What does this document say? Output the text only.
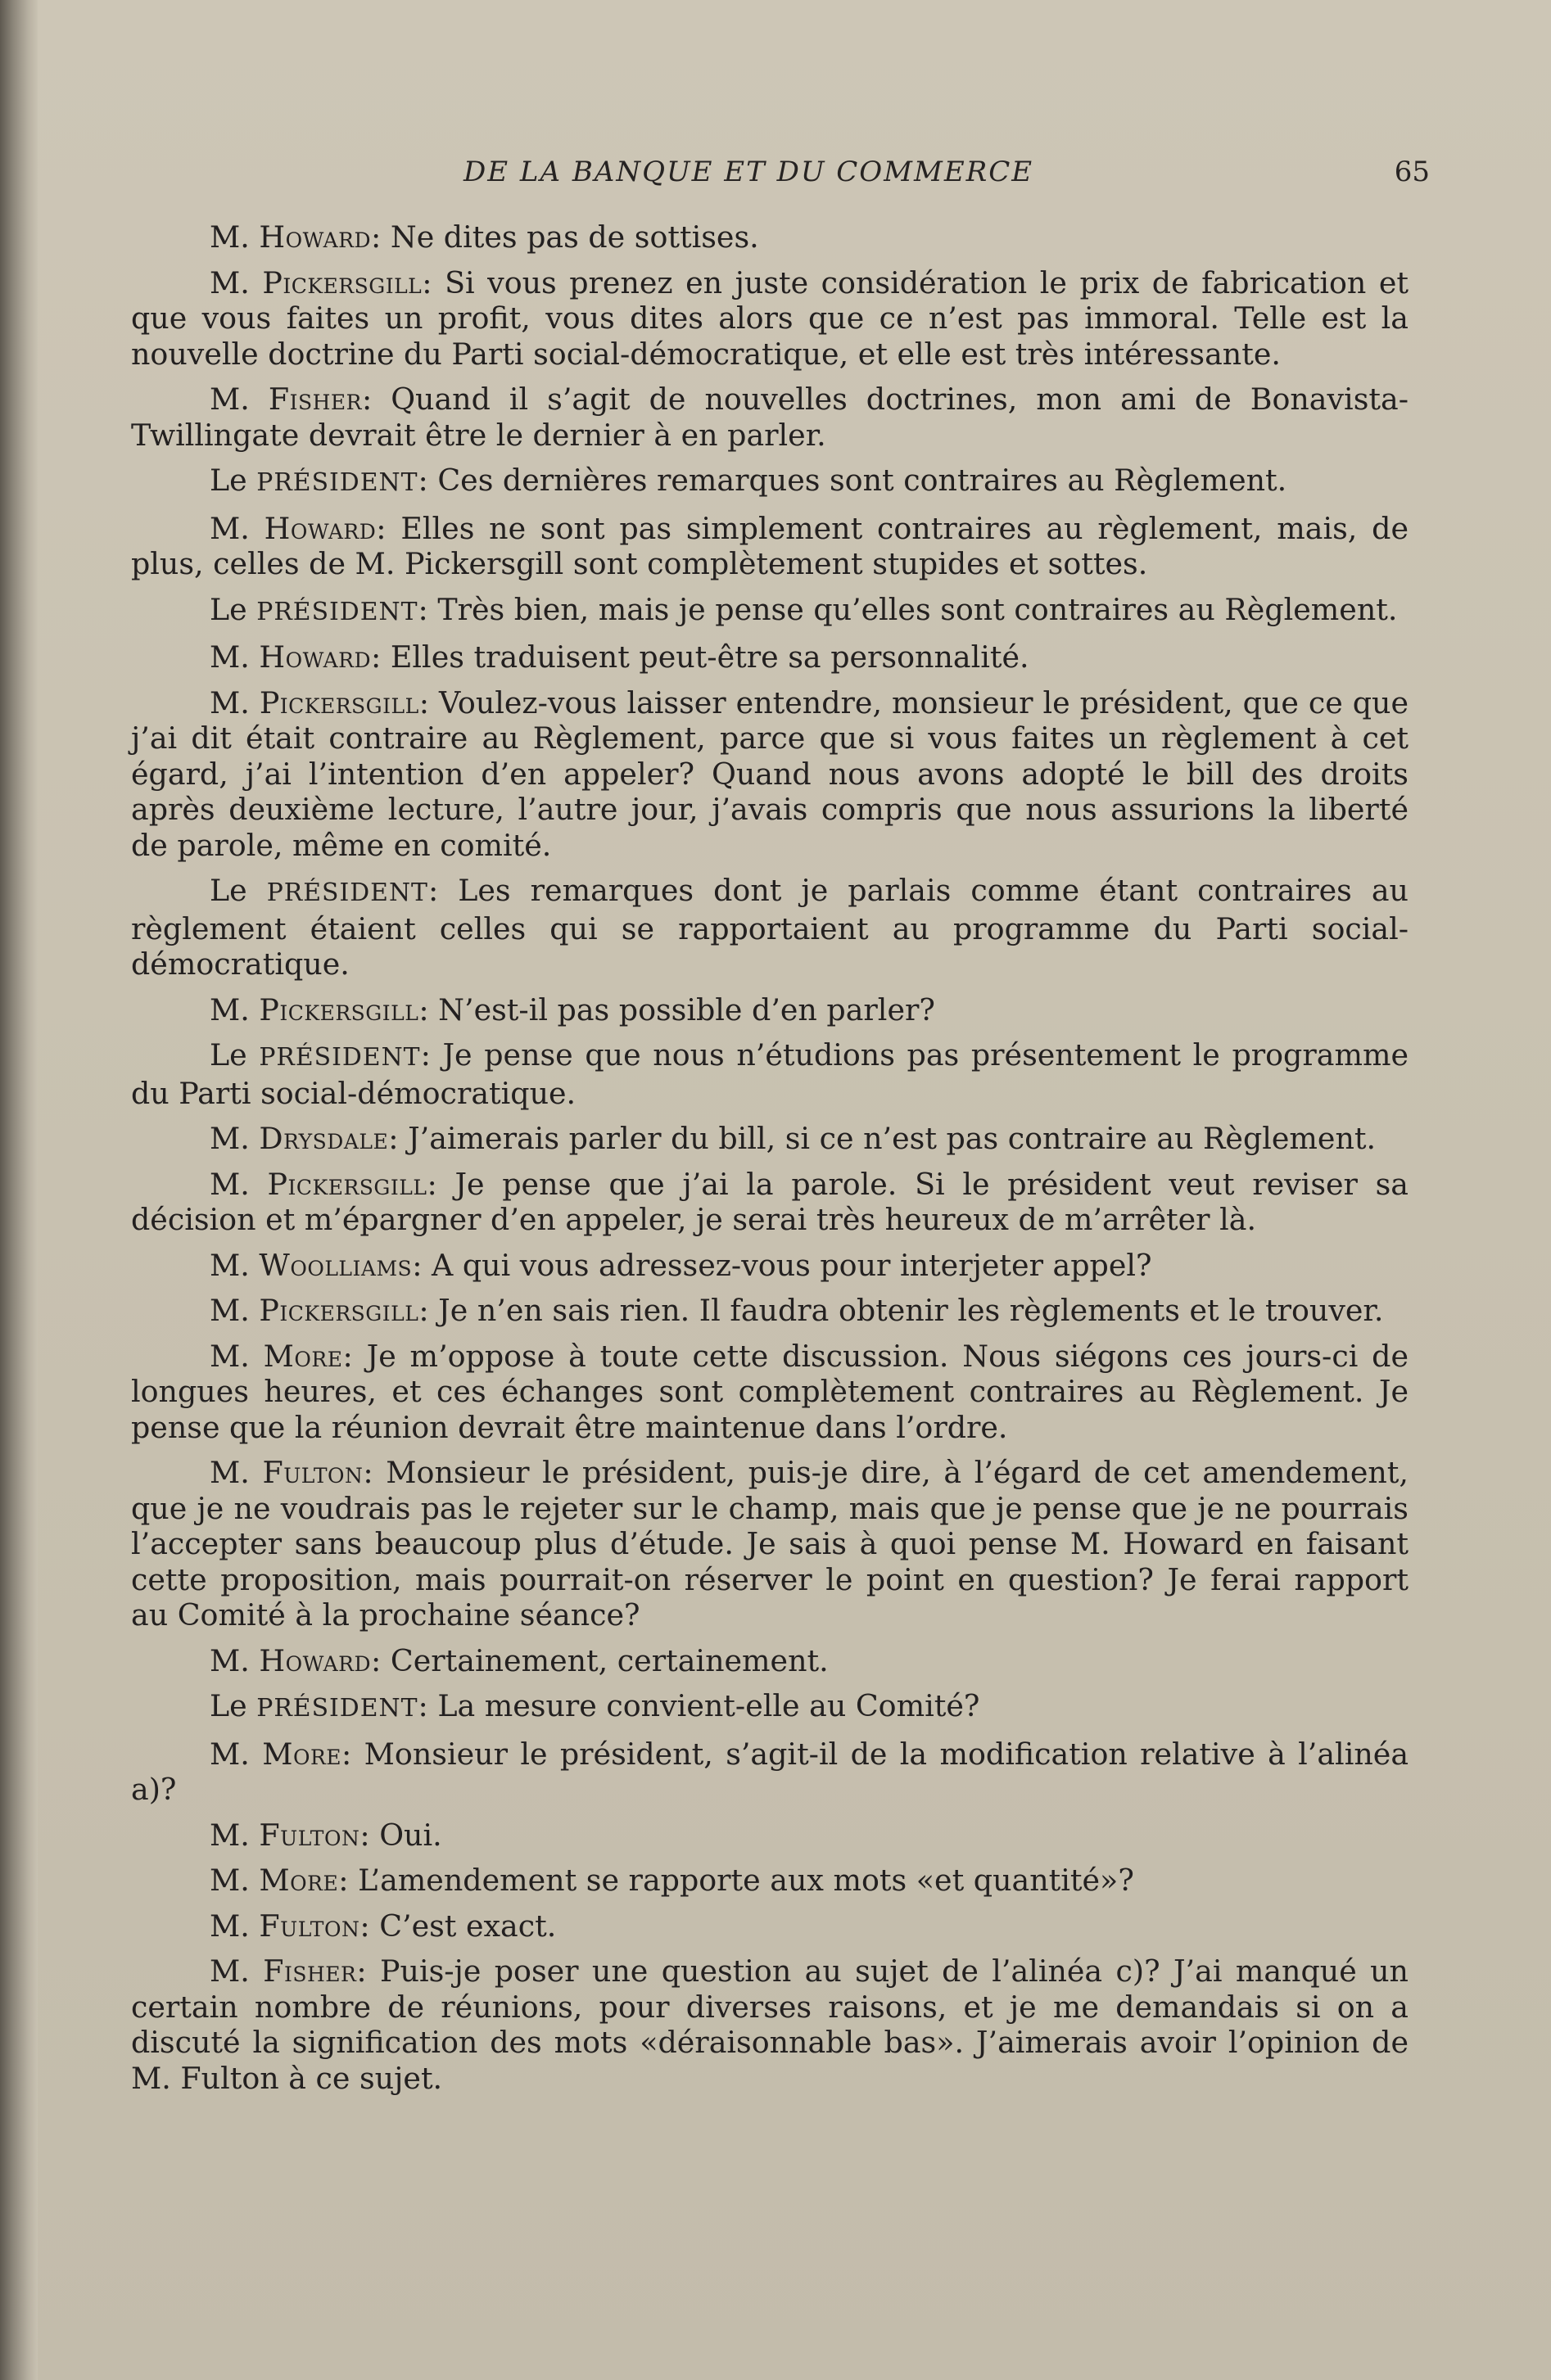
DE LA BANQUE ET DU COMMERCE	65

M. Howard: Ne dites pas de sottises.

M. Pickersgill: Si vous prenez en juste considération le prix de fabrication et que vous faites un profit, vous dites alors que ce n’est pas immoral. Telle est la nouvelle doctrine du Parti social-démocratique, et elle est très intéressante.

M. Fisher: Quand il s’agit de nouvelles doctrines, mon ami de Bonavista-Twillingate devrait être le dernier à en parler.

Le PRÉSIDENT: Ces dernières remarques sont contraires au Règlement.

M. Howard: Elles ne sont pas simplement contraires au règlement, mais, de plus, celles de M. Pickersgill sont complètement stupides et sottes.

Le PRÉSIDENT: Très bien, mais je pense qu’elles sont contraires au Règlement.

M. Howard: Elles traduisent peut-être sa personnalité.

M. Pickersgill: Voulez-vous laisser entendre, monsieur le président, que ce que j’ai dit était contraire au Règlement, parce que si vous faites un règlement à cet égard, j’ai l’intention d’en appeler? Quand nous avons adopté le bill des droits après deuxième lecture, l’autre jour, j’avais compris que nous assurions la liberté de parole, même en comité.

Le PRÉSIDENT: Les remarques dont je parlais comme étant contraires au règlement étaient celles qui se rapportaient au programme du Parti social-démocratique.

M. Pickersgill: N’est-il pas possible d’en parler?

Le PRÉSIDENT: Je pense que nous n’étudions pas présentement le programme du Parti social-démocratique.

M. Drysdale: J’aimerais parler du bill, si ce n’est pas contraire au Règlement.

M. Pickersgill: Je pense que j’ai la parole. Si le président veut reviser sa décision et m’épargner d’en appeler, je serai très heureux de m’arrêter là.

M. Woolliams: A qui vous adressez-vous pour interjeter appel?

M. Pickersgill: Je n’en sais rien. Il faudra obtenir les règlements et le trouver.

M. More: Je m’oppose à toute cette discussion. Nous siégons ces jours-ci de longues heures, et ces échanges sont complètement contraires au Règlement. Je pense que la réunion devrait être maintenue dans l’ordre.

M. Fulton: Monsieur le président, puis-je dire, à l’égard de cet amendement, que je ne voudrais pas le rejeter sur le champ, mais que je pense que je ne pourrais l’accepter sans beaucoup plus d’étude. Je sais à quoi pense M. Howard en faisant cette proposition, mais pourrait-on réserver le point en question? Je ferai rapport au Comité à la prochaine séance?

M. Howard: Certainement, certainement.

Le PRÉSIDENT: La mesure convient-elle au Comité?

M. More: Monsieur le président, s’agit-il de la modification relative à l’alinéa a)?

M. Fulton: Oui.

M. More: L’amendement se rapporte aux mots «et quantité»?

M. Fulton: C’est exact.

M. Fisher: Puis-je poser une question au sujet de l’alinéa c)? J’ai manqué un certain nombre de réunions, pour diverses raisons, et je me demandais si on a discuté la signification des mots «déraisonnable bas». J’aimerais avoir l’opinion de M. Fulton à ce sujet.
